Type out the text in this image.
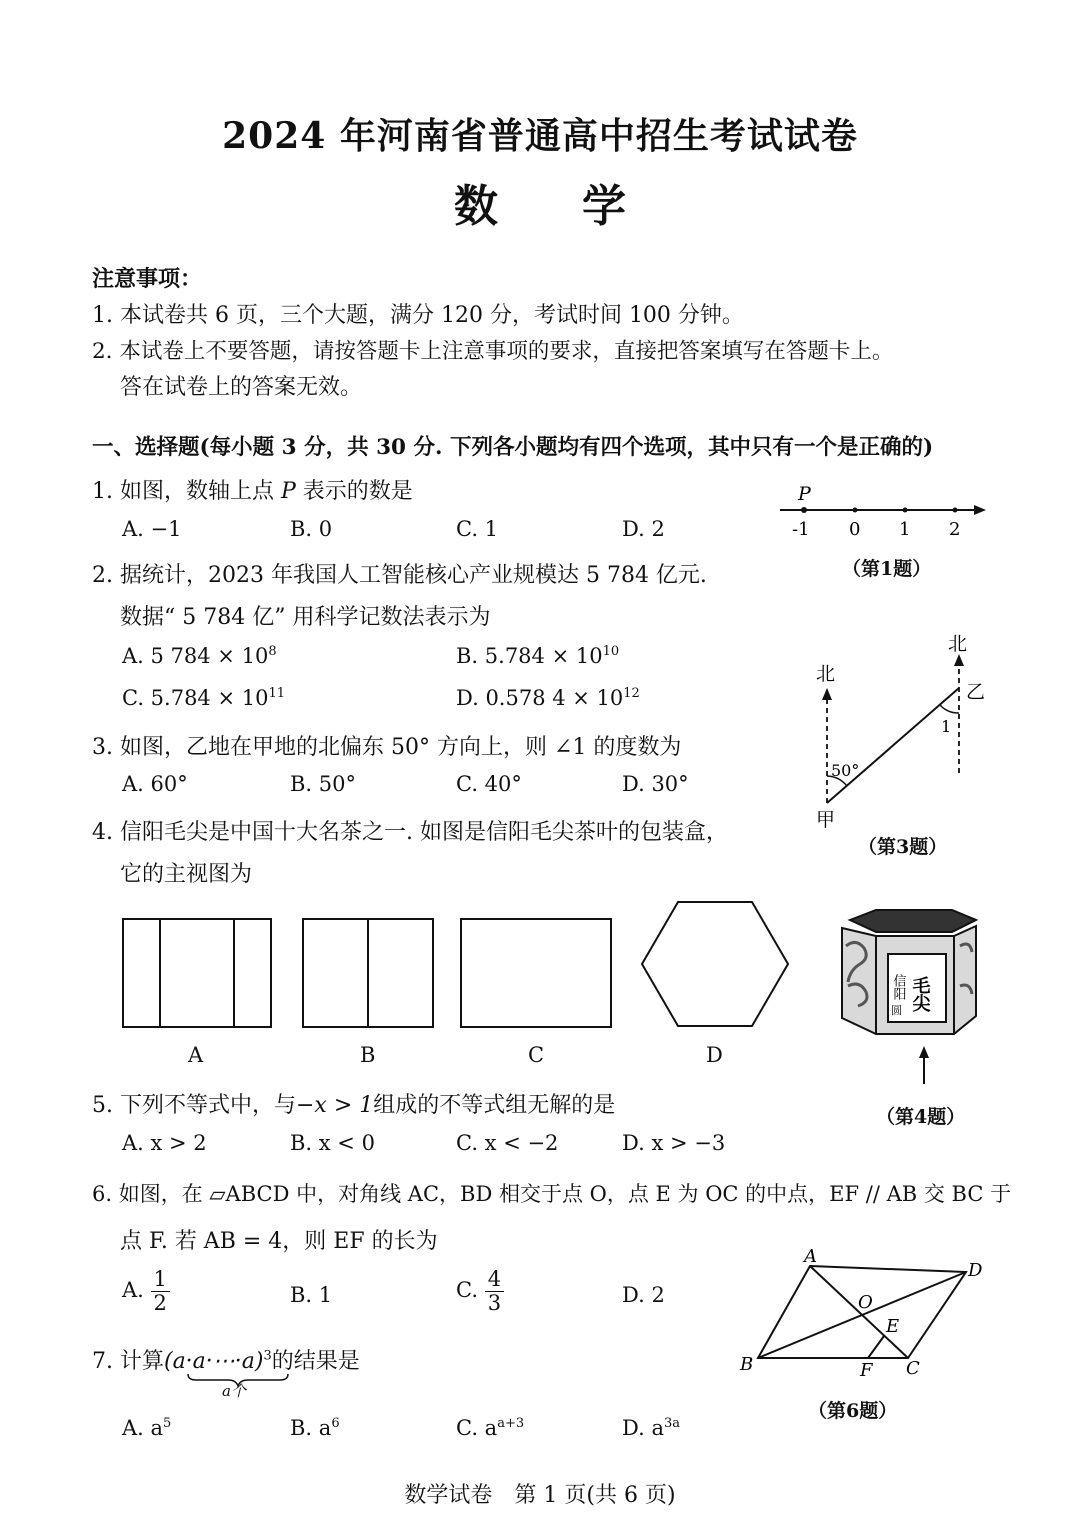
2024 年河南省普通高中招生考试试卷
数学
注意事项：
1. 本试卷共 6 页，三个大题，满分 120 分，考试时间 100 分钟。
2. 本试卷上不要答题，请按答题卡上注意事项的要求，直接把答案填写在答题卡上。
答在试卷上的答案无效。
一、选择题(每小题 3 分，共 30 分. 下列各小题均有四个选项，其中只有一个是正确的)
1. 如图，数轴上点 P 表示的数是
A. −1	B. 0	C. 1	D. 2
P
-1 0 1 2
（第1题）
2. 据统计，2023 年我国人工智能核心产业规模达 5 784 亿元.
数据“ 5 784 亿” 用科学记数法表示为
A. 5 $784 \times 10^8$	B. $5.784 \times 10^{10}$
C. $5.784 \times 10^{11}$	D. 0.578 $4 \times 10^{12}$
3. 如图，乙地在甲地的北偏东 50° 方向上，则 ∠1 的度数为
A. 60°	B. 50°	C. 40°	D. 30°
北
北
乙
甲
50°
1
（第3题）
4. 信阳毛尖是中国十大名茶之一. 如图是信阳毛尖茶叶的包装盒，
它的主视图为
A	B	C	D
毛尖
信阳
圆
（第4题）
5. 下列不等式中，与−x > 1组成的不等式组无解的是
A. x > 2	B. x < 0	C. x < −2	D. x > −3
6. 如图，在 ▱ABCD 中，对角线 AC，BD 相交于点 O，点 E 为 OC 的中点，EF // AB 交 BC 于
点 F. 若 AB = 4，则 EF 的长为
A. $\frac{1}{2}$	B. 1	C. $\frac{4}{3}$	D. 2
A
D
O
E
B	F C
（第6题）
7. 计算(a·a·⋯·a)$^3$的结果是
a个
A. $a^5$	B. $a^6$	C. $a^{a+3}$	D. $a^{3a}$
数学试卷　第 1 页(共 6 页)
